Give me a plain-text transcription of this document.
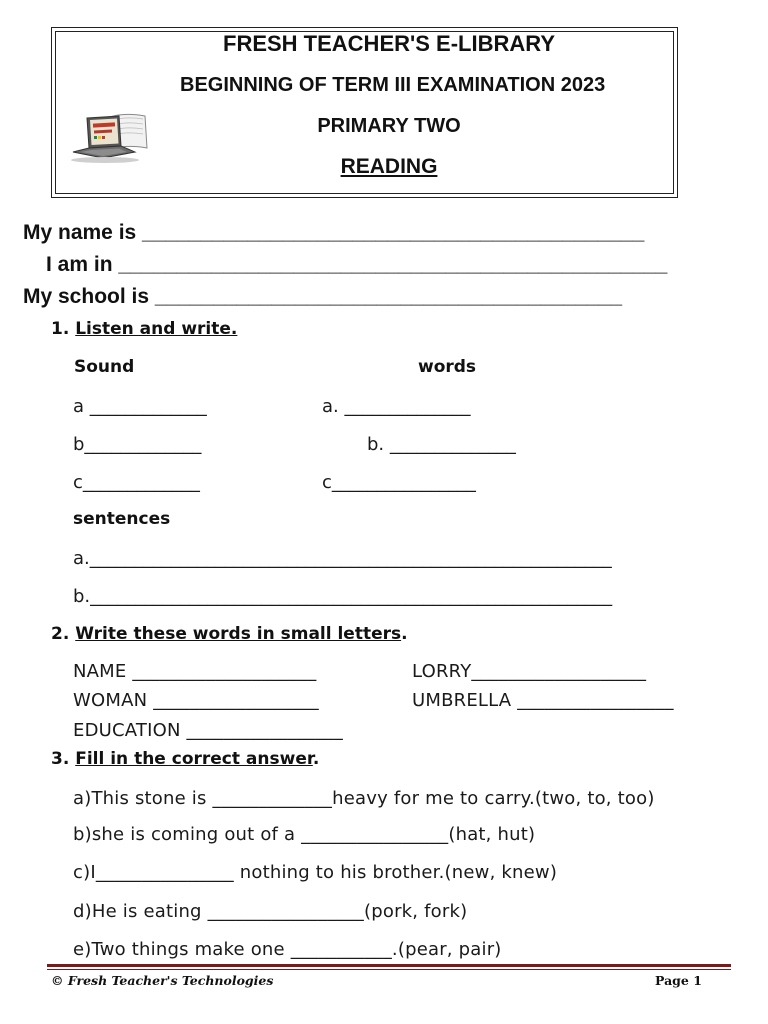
FRESH TEACHER'S E-LIBRARY
BEGINNING OF TERM III EXAMINATION 2023
PRIMARY TWO
READING
My name is ___________________________________________
I am in _______________________________________________
My school is ________________________________________
1. Listen and write.
Sound	words
a _____________
b_____________
c_____________
a. ______________
b. ______________
c________________
sentences
a.__________________________________________________________
b.__________________________________________________________
2. Write these words in small letters.
NAME ____________________
WOMAN __________________
EDUCATION _________________
LORRY___________________
UMBRELLA _________________
3. Fill in the correct answer.
a)This stone is _____________heavy for me to carry.(two, to, too)
b)she is coming out of a ________________(hat, hut)
c)I_______________ nothing to his brother.(new, knew)
d)He is eating _________________(pork, fork)
e)Two things make one ___________.(pear, pair)
© Fresh Teacher's Technologies	Page 1
